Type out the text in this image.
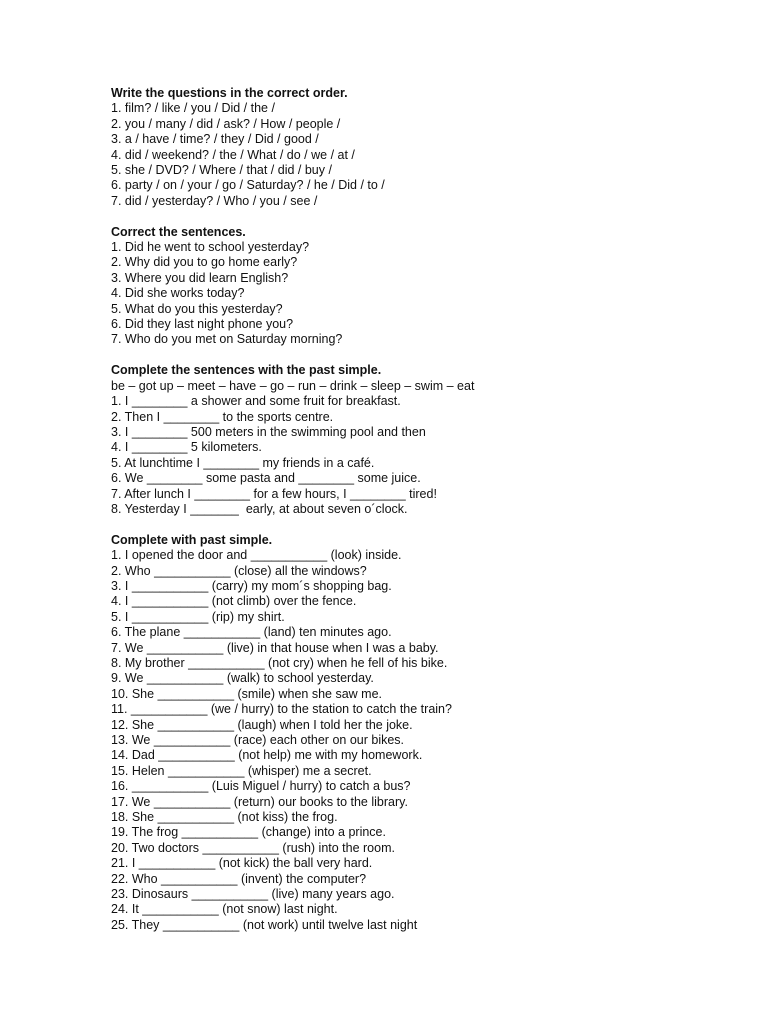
Write the questions in the correct order.
1. film? / like / you / Did / the /
2. you / many / did / ask? / How / people /
3. a / have / time? / they / Did / good /
4. did / weekend? / the / What / do / we / at /
5. she / DVD? / Where / that / did / buy /
6. party / on / your / go / Saturday? / he / Did / to /
7. did / yesterday? / Who / you / see /
Correct the sentences.
1. Did he went to school yesterday?
2. Why did you to go home early?
3. Where you did learn English?
4. Did she works today?
5. What do you this yesterday?
6. Did they last night phone you?
7. Who do you met on Saturday morning?
Complete the sentences with the past simple.
be – got up – meet – have – go – run – drink – sleep – swim – eat
1. I ________ a shower and some fruit for breakfast.
2. Then I ________ to the sports centre.
3. I ________ 500 meters in the swimming pool and then
4. I ________ 5 kilometers.
5. At lunchtime I ________ my friends in a café.
6. We ________ some pasta and ________ some juice.
7. After lunch I ________ for a few hours, I ________ tired!
8. Yesterday I _______  early, at about seven o´clock.
Complete with past simple.
1. I opened the door and ___________ (look) inside.
2. Who ___________ (close) all the windows?
3. I ___________ (carry) my mom´s shopping bag.
4. I ___________ (not climb) over the fence.
5. I ___________ (rip) my shirt.
6. The plane ___________ (land) ten minutes ago.
7. We ___________ (live) in that house when I was a baby.
8. My brother ___________ (not cry) when he fell of his bike.
9. We ___________ (walk) to school yesterday.
10. She ___________ (smile) when she saw me.
11. ___________ (we / hurry) to the station to catch the train?
12. She ___________ (laugh) when I told her the joke.
13. We ___________ (race) each other on our bikes.
14. Dad ___________ (not help) me with my homework.
15. Helen ___________ (whisper) me a secret.
16. ___________ (Luis Miguel / hurry) to catch a bus?
17. We ___________ (return) our books to the library.
18. She ___________ (not kiss) the frog.
19. The frog ___________ (change) into a prince.
20. Two doctors ___________ (rush) into the room.
21. I ___________ (not kick) the ball very hard.
22. Who ___________ (invent) the computer?
23. Dinosaurs ___________ (live) many years ago.
24. It ___________ (not snow) last night.
25. They ___________ (not work) until twelve last night
